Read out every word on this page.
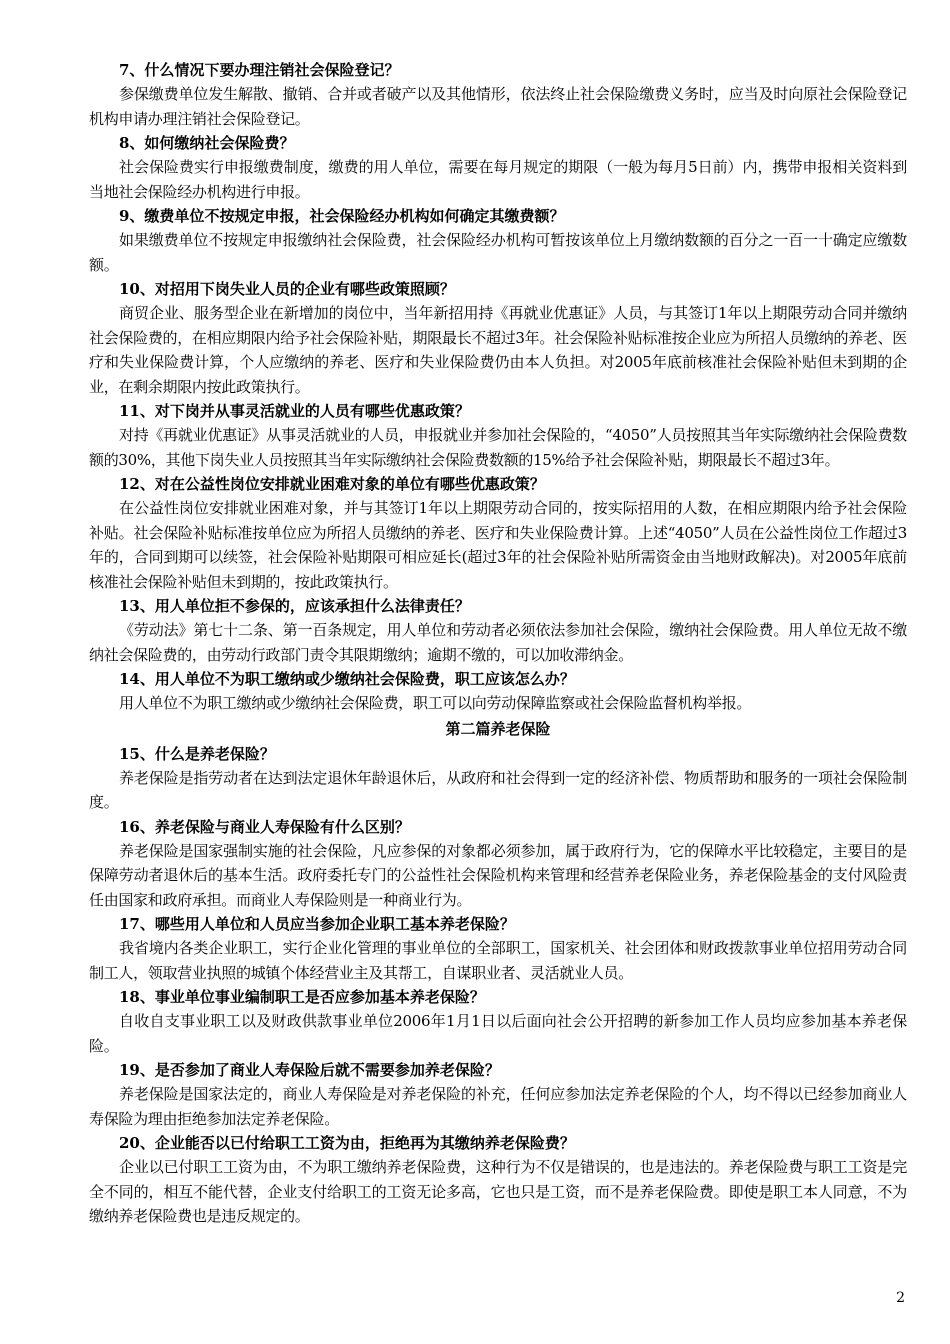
7、什么情况下要办理注销社会保险登记？

参保缴费单位发生解散、撤销、合并或者破产以及其他情形，依法终止社会保险缴费义务时，应当及时向原社会保险登记机构申请办理注销社会保险登记。

8、如何缴纳社会保险费？

社会保险费实行申报缴费制度，缴费的用人单位，需要在每月规定的期限（一般为每月5日前）内，携带申报相关资料到当地社会保险经办机构进行申报。

9、缴费单位不按规定申报，社会保险经办机构如何确定其缴费额？

如果缴费单位不按规定申报缴纳社会保险费，社会保险经办机构可暂按该单位上月缴纳数额的百分之一百一十确定应缴数额。

10、对招用下岗失业人员的企业有哪些政策照顾？

商贸企业、服务型企业在新增加的岗位中，当年新招用持《再就业优惠证》人员，与其签订1年以上期限劳动合同并缴纳社会保险费的，在相应期限内给予社会保险补贴，期限最长不超过3年。社会保险补贴标准按企业应为所招人员缴纳的养老、医疗和失业保险费计算，个人应缴纳的养老、医疗和失业保险费仍由本人负担。对2005年底前核准社会保险补贴但未到期的企业，在剩余期限内按此政策执行。

11、对下岗并从事灵活就业的人员有哪些优惠政策？

对持《再就业优惠证》从事灵活就业的人员，申报就业并参加社会保险的，“4050”人员按照其当年实际缴纳社会保险费数额的30%，其他下岗失业人员按照其当年实际缴纳社会保险费数额的15%给予社会保险补贴，期限最长不超过3年。

12、对在公益性岗位安排就业困难对象的单位有哪些优惠政策？

在公益性岗位安排就业困难对象，并与其签订1年以上期限劳动合同的，按实际招用的人数，在相应期限内给予社会保险补贴。社会保险补贴标准按单位应为所招人员缴纳的养老、医疗和失业保险费计算。上述“4050”人员在公益性岗位工作超过3年的，合同到期可以续签，社会保险补贴期限可相应延长(超过3年的社会保险补贴所需资金由当地财政解决)。对2005年底前核准社会保险补贴但未到期的，按此政策执行。

13、用人单位拒不参保的，应该承担什么法律责任？

《劳动法》第七十二条、第一百条规定，用人单位和劳动者必须依法参加社会保险，缴纳社会保险费。用人单位无故不缴纳社会保险费的，由劳动行政部门责令其限期缴纳；逾期不缴的，可以加收滞纳金。

14、用人单位不为职工缴纳或少缴纳社会保险费，职工应该怎么办？

用人单位不为职工缴纳或少缴纳社会保险费，职工可以向劳动保障监察或社会保险监督机构举报。

第二篇养老保险

15、什么是养老保险？

养老保险是指劳动者在达到法定退休年龄退休后，从政府和社会得到一定的经济补偿、物质帮助和服务的一项社会保险制度。

16、养老保险与商业人寿保险有什么区别？

养老保险是国家强制实施的社会保险，凡应参保的对象都必须参加，属于政府行为，它的保障水平比较稳定，主要目的是保障劳动者退休后的基本生活。政府委托专门的公益性社会保险机构来管理和经营养老保险业务，养老保险基金的支付风险责任由国家和政府承担。而商业人寿保险则是一种商业行为。

17、哪些用人单位和人员应当参加企业职工基本养老保险？

我省境内各类企业职工，实行企业化管理的事业单位的全部职工，国家机关、社会团体和财政拨款事业单位招用劳动合同制工人，领取营业执照的城镇个体经营业主及其帮工，自谋职业者、灵活就业人员。

18、事业单位事业编制职工是否应参加基本养老保险？

自收自支事业职工以及财政供款事业单位2006年1月1日以后面向社会公开招聘的新参加工作人员均应参加基本养老保险。

19、是否参加了商业人寿保险后就不需要参加养老保险？

养老保险是国家法定的，商业人寿保险是对养老保险的补充，任何应参加法定养老保险的个人，均不得以已经参加商业人寿保险为理由拒绝参加法定养老保险。

20、企业能否以已付给职工工资为由，拒绝再为其缴纳养老保险费？

企业以已付职工工资为由，不为职工缴纳养老保险费，这种行为不仅是错误的，也是违法的。养老保险费与职工工资是完全不同的，相互不能代替，企业支付给职工的工资无论多高，它也只是工资，而不是养老保险费。即使是职工本人同意，不为缴纳养老保险费也是违反规定的。

2
